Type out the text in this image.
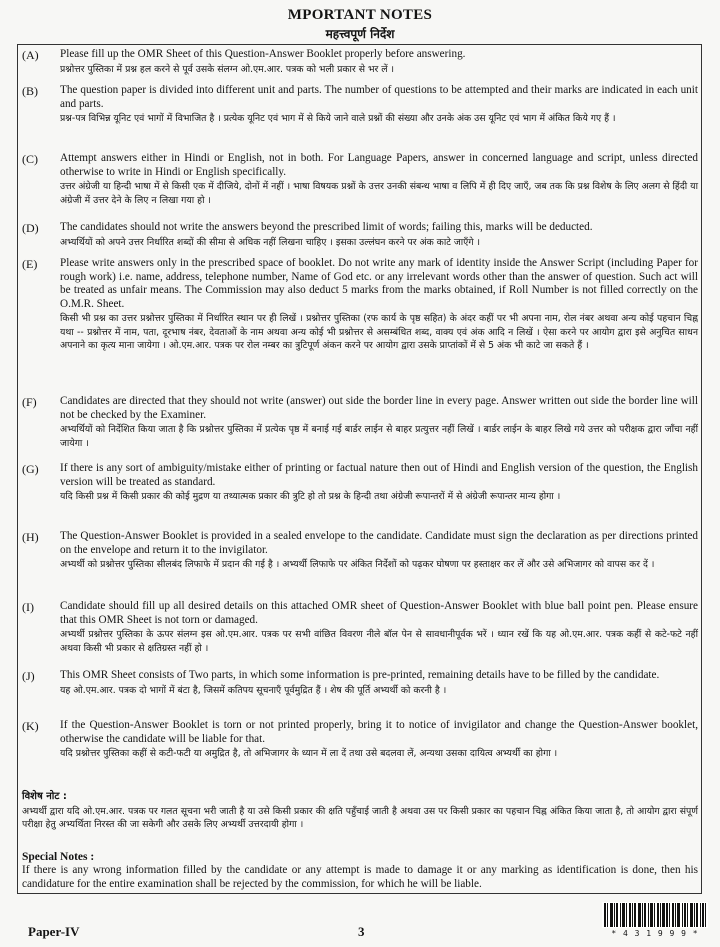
MPORTANT NOTES
महत्त्वपूर्ण निर्देश
(A)	Please fill up the OMR Sheet of this Question-Answer Booklet properly before answering.

प्रश्नोत्तर पुस्तिका में प्रश्न हल करने से पूर्व उसके संलग्न ओ.एम.आर. पत्रक को भली प्रकार से भर लें ।

(B)	The question paper is divided into different unit and parts. The number of questions to be attempted and their marks are indicated in each unit and parts.

प्रश्न-पत्र विभिन्न यूनिट एवं भागों में विभाजित है । प्रत्येक यूनिट एवं भाग में से किये जाने वाले प्रश्नों की संख्या और उनके अंक उस यूनिट एवं भाग में अंकित किये गए हैं ।

(C)	Attempt answers either in Hindi or English, not in both. For Language Papers, answer in concerned language and script, unless directed otherwise to write in Hindi or English specifically.

उत्तर अंग्रेजी या हिन्दी भाषा में से किसी एक में दीजिये, दोनों में नहीं । भाषा विषयक प्रश्नों के उत्तर उनकी संबन्ध भाषा व लिपि में ही दिए जाएँ, जब तक कि प्रश्न विशेष के लिए अलग से हिंदी या अंग्रेजी में उत्तर देने के लिए न लिखा गया हो ।

(D)	The candidates should not write the answers beyond the prescribed limit of words; failing this, marks will be deducted.

अभ्यर्थियों को अपने उत्तर निर्धारित शब्दों की सीमा से अधिक नहीं लिखना चाहिए । इसका उल्लंघन करने पर अंक काटे जाएँगे ।

(E)	Please write answers only in the prescribed space of booklet. Do not write any mark of identity inside the Answer Script (including Paper for rough work) i.e. name, address, telephone number, Name of God etc. or any irrelevant words other than the answer of question. Such act will be treated as unfair means. The Commission may also deduct 5 marks from the marks obtained, if Roll Number is not filled correctly on the O.M.R. Sheet.

किसी भी प्रश्न का उत्तर प्रश्नोत्तर पुस्तिका में निर्धारित स्थान पर ही लिखें । प्रश्नोत्तर पुस्तिका (रफ कार्य के पृष्ठ सहित) के अंदर कहीं पर भी अपना नाम, रोल नंबर अथवा अन्य कोई पहचान चिह्न यथा -- प्रश्नोत्तर में नाम, पता, दूरभाष नंबर, देवताओं के नाम अथवा अन्य कोई भी प्रश्नोत्तर से असम्बंधित शब्द, वाक्य एवं अंक आदि न लिखें । ऐसा करने पर आयोग द्वारा इसे अनुचित साधन अपनाने का कृत्य माना जायेगा । ओ.एम.आर. पत्रक पर रोल नम्बर का त्रुटिपूर्ण अंकन करने पर आयोग द्वारा उसके प्राप्तांकों में से 5 अंक भी काटे जा सकते हैं ।

(F)	Candidates are directed that they should not write (answer) out side the border line in every page. Answer written out side the border line will not be checked by the Examiner.

अभ्यर्थियों को निर्देशित किया जाता है कि प्रश्नोत्तर पुस्तिका में प्रत्येक पृष्ठ में बनाई गई बार्डर लाईन से बाहर प्रत्युत्तर नहीं लिखें । बार्डर लाईन के बाहर लिखे गये उत्तर को परीक्षक द्वारा जाँचा नहीं जायेगा ।

(G)	If there is any sort of ambiguity/mistake either of printing or factual nature then out of Hindi and English version of the question, the English version will be treated as standard.

यदि किसी प्रश्न में किसी प्रकार की कोई मुद्रण या तथ्यात्मक प्रकार की त्रुटि हो तो प्रश्न के हिन्दी तथा अंग्रेजी रूपान्तरों में से अंग्रेजी रूपान्तर मान्य होगा ।

(H)	The Question-Answer Booklet is provided in a sealed envelope to the candidate. Candidate must sign the declaration as per directions printed on the envelope and return it to the invigilator.

अभ्यर्थी को प्रश्नोत्तर पुस्तिका सीलबंद लिफाफे में प्रदान की गई है । अभ्यर्थी लिफाफे पर अंकित निर्देशों को पढ़कर घोषणा पर हस्ताक्षर कर लें और उसे अभिजागर को वापस कर दें ।

(I)	Candidate should fill up all desired details on this attached OMR sheet of Question-Answer Booklet with blue ball point pen. Please ensure that this OMR Sheet is not torn or damaged.

अभ्यर्थी प्रश्नोत्तर पुस्तिका के ऊपर संलग्न इस ओ.एम.आर. पत्रक पर सभी वांछित विवरण नीले बॉल पेन से सावधानीपूर्वक भरें । ध्यान रखें कि यह ओ.एम.आर. पत्रक कहीं से कटे-फटे नहीं अथवा किसी भी प्रकार से क्षतिग्रस्त नहीं हो ।

(J)	This OMR Sheet consists of Two parts, in which some information is pre-printed, remaining details have to be filled by the candidate.

यह ओ.एम.आर. पत्रक दो भागों में बंटा है, जिसमें कतिपय सूचनाएँ पूर्वमुद्रित हैं । शेष की पूर्ति अभ्यर्थी को करनी है ।

(K)	If the Question-Answer Booklet is torn or not printed properly, bring it to notice of invigilator and change the Question-Answer booklet, otherwise the candidate will be liable for that.

यदि प्रश्नोत्तर पुस्तिका कहीं से कटी-फटी या अमुद्रित है, तो अभिजागर के ध्यान में ला दें तथा उसे बदलवा लें, अन्यथा उसका दायित्व अभ्यर्थी का होगा ।

विशेष नोट :

अभ्यर्थी द्वारा यदि ओ.एम.आर. पत्रक पर गलत सूचना भरी जाती है या उसे किसी प्रकार की क्षति पहुँचाई जाती है अथवा उस पर किसी प्रकार का पहचान चिह्न अंकित किया जाता है, तो आयोग द्वारा संपूर्ण परीक्षा हेतु अभ्यर्थिता निरस्त की जा सकेगी और उसके लिए अभ्यर्थी उत्तरदायी होगा ।

Special Notes :

If there is any wrong information filled by the candidate or any attempt is made to damage it or any marking as identification is done, then his candidature for the entire examination shall be rejected by the commission, for which he will be liable.

Paper-IV	3	* 4 3 1 9 9 9 *
